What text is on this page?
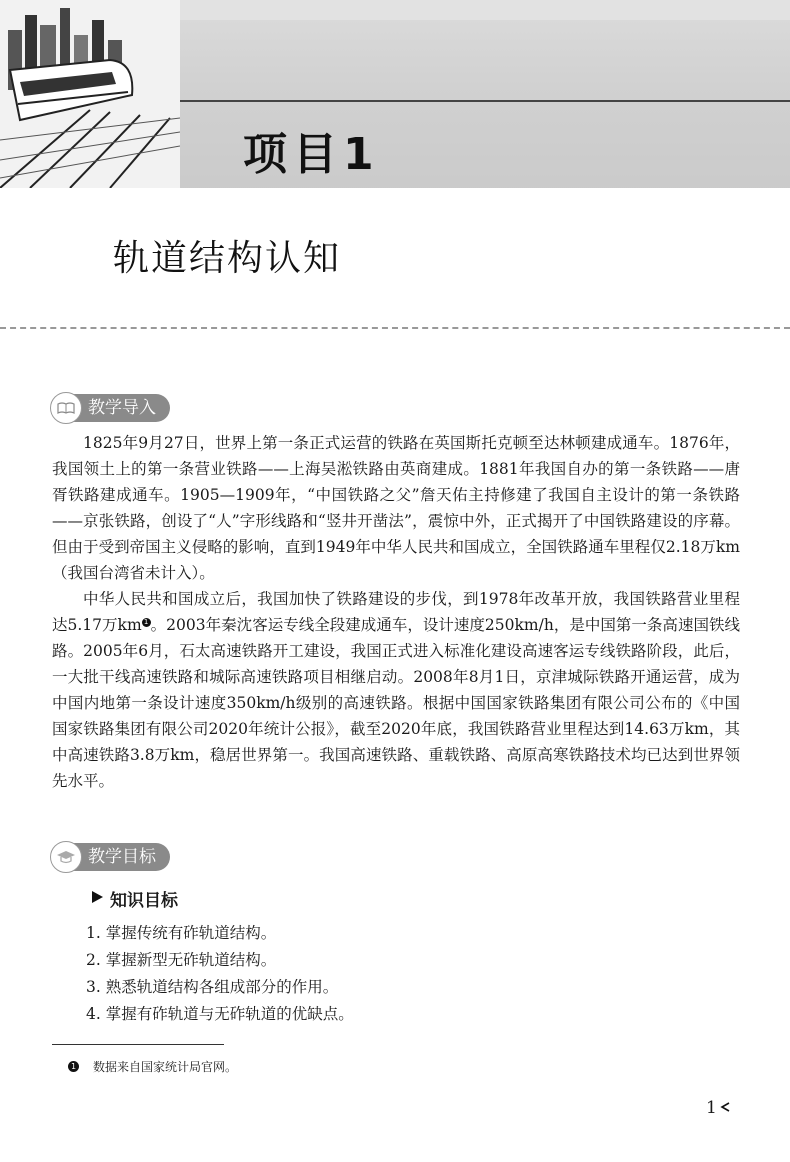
项目1
轨道结构认知
教学导入

1825年9月27日，世界上第一条正式运营的铁路在英国斯托克顿至达林顿建成通车。1876年，我国领土上的第一条营业铁路——上海吴淞铁路由英商建成。1881年我国自办的第一条铁路——唐胥铁路建成通车。1905—1909年，“中国铁路之父”詹天佑主持修建了我国自主设计的第一条铁路——京张铁路，创设了“人”字形线路和“竖井开凿法”，震惊中外，正式揭开了中国铁路建设的序幕。但由于受到帝国主义侵略的影响，直到1949年中华人民共和国成立，全国铁路通车里程仅2.18万km（我国台湾省未计入）。

中华人民共和国成立后，我国加快了铁路建设的步伐，到1978年改革开放，我国铁路营业里程达5.17万km 1 。2003年秦沈客运专线全段建成通车，设计速度250km/h，是中国第一条高速国铁线路。2005年6月，石太高速铁路开工建设，我国正式进入标准化建设高速客运专线铁路阶段，此后，一大批干线高速铁路和城际高速铁路项目相继启动。2008年8月1日，京津城际铁路开通运营，成为中国内地第一条设计速度350km/h级别的高速铁路。根据中国国家铁路集团有限公司公布的《中国国家铁路集团有限公司2020年统计公报》，截至2020年底，我国铁路营业里程达到14.63万km，其中高速铁路3.8万km，稳居世界第一。我国高速铁路、重载铁路、高原高寒铁路技术均已达到世界领先水平。

教学目标
知识目标
1. 掌握传统有砟轨道结构。
2. 掌握新型无砟轨道结构。
3. 熟悉轨道结构各组成部分的作用。
4. 掌握有砟轨道与无砟轨道的优缺点。
1 数据来自国家统计局官网。
1
